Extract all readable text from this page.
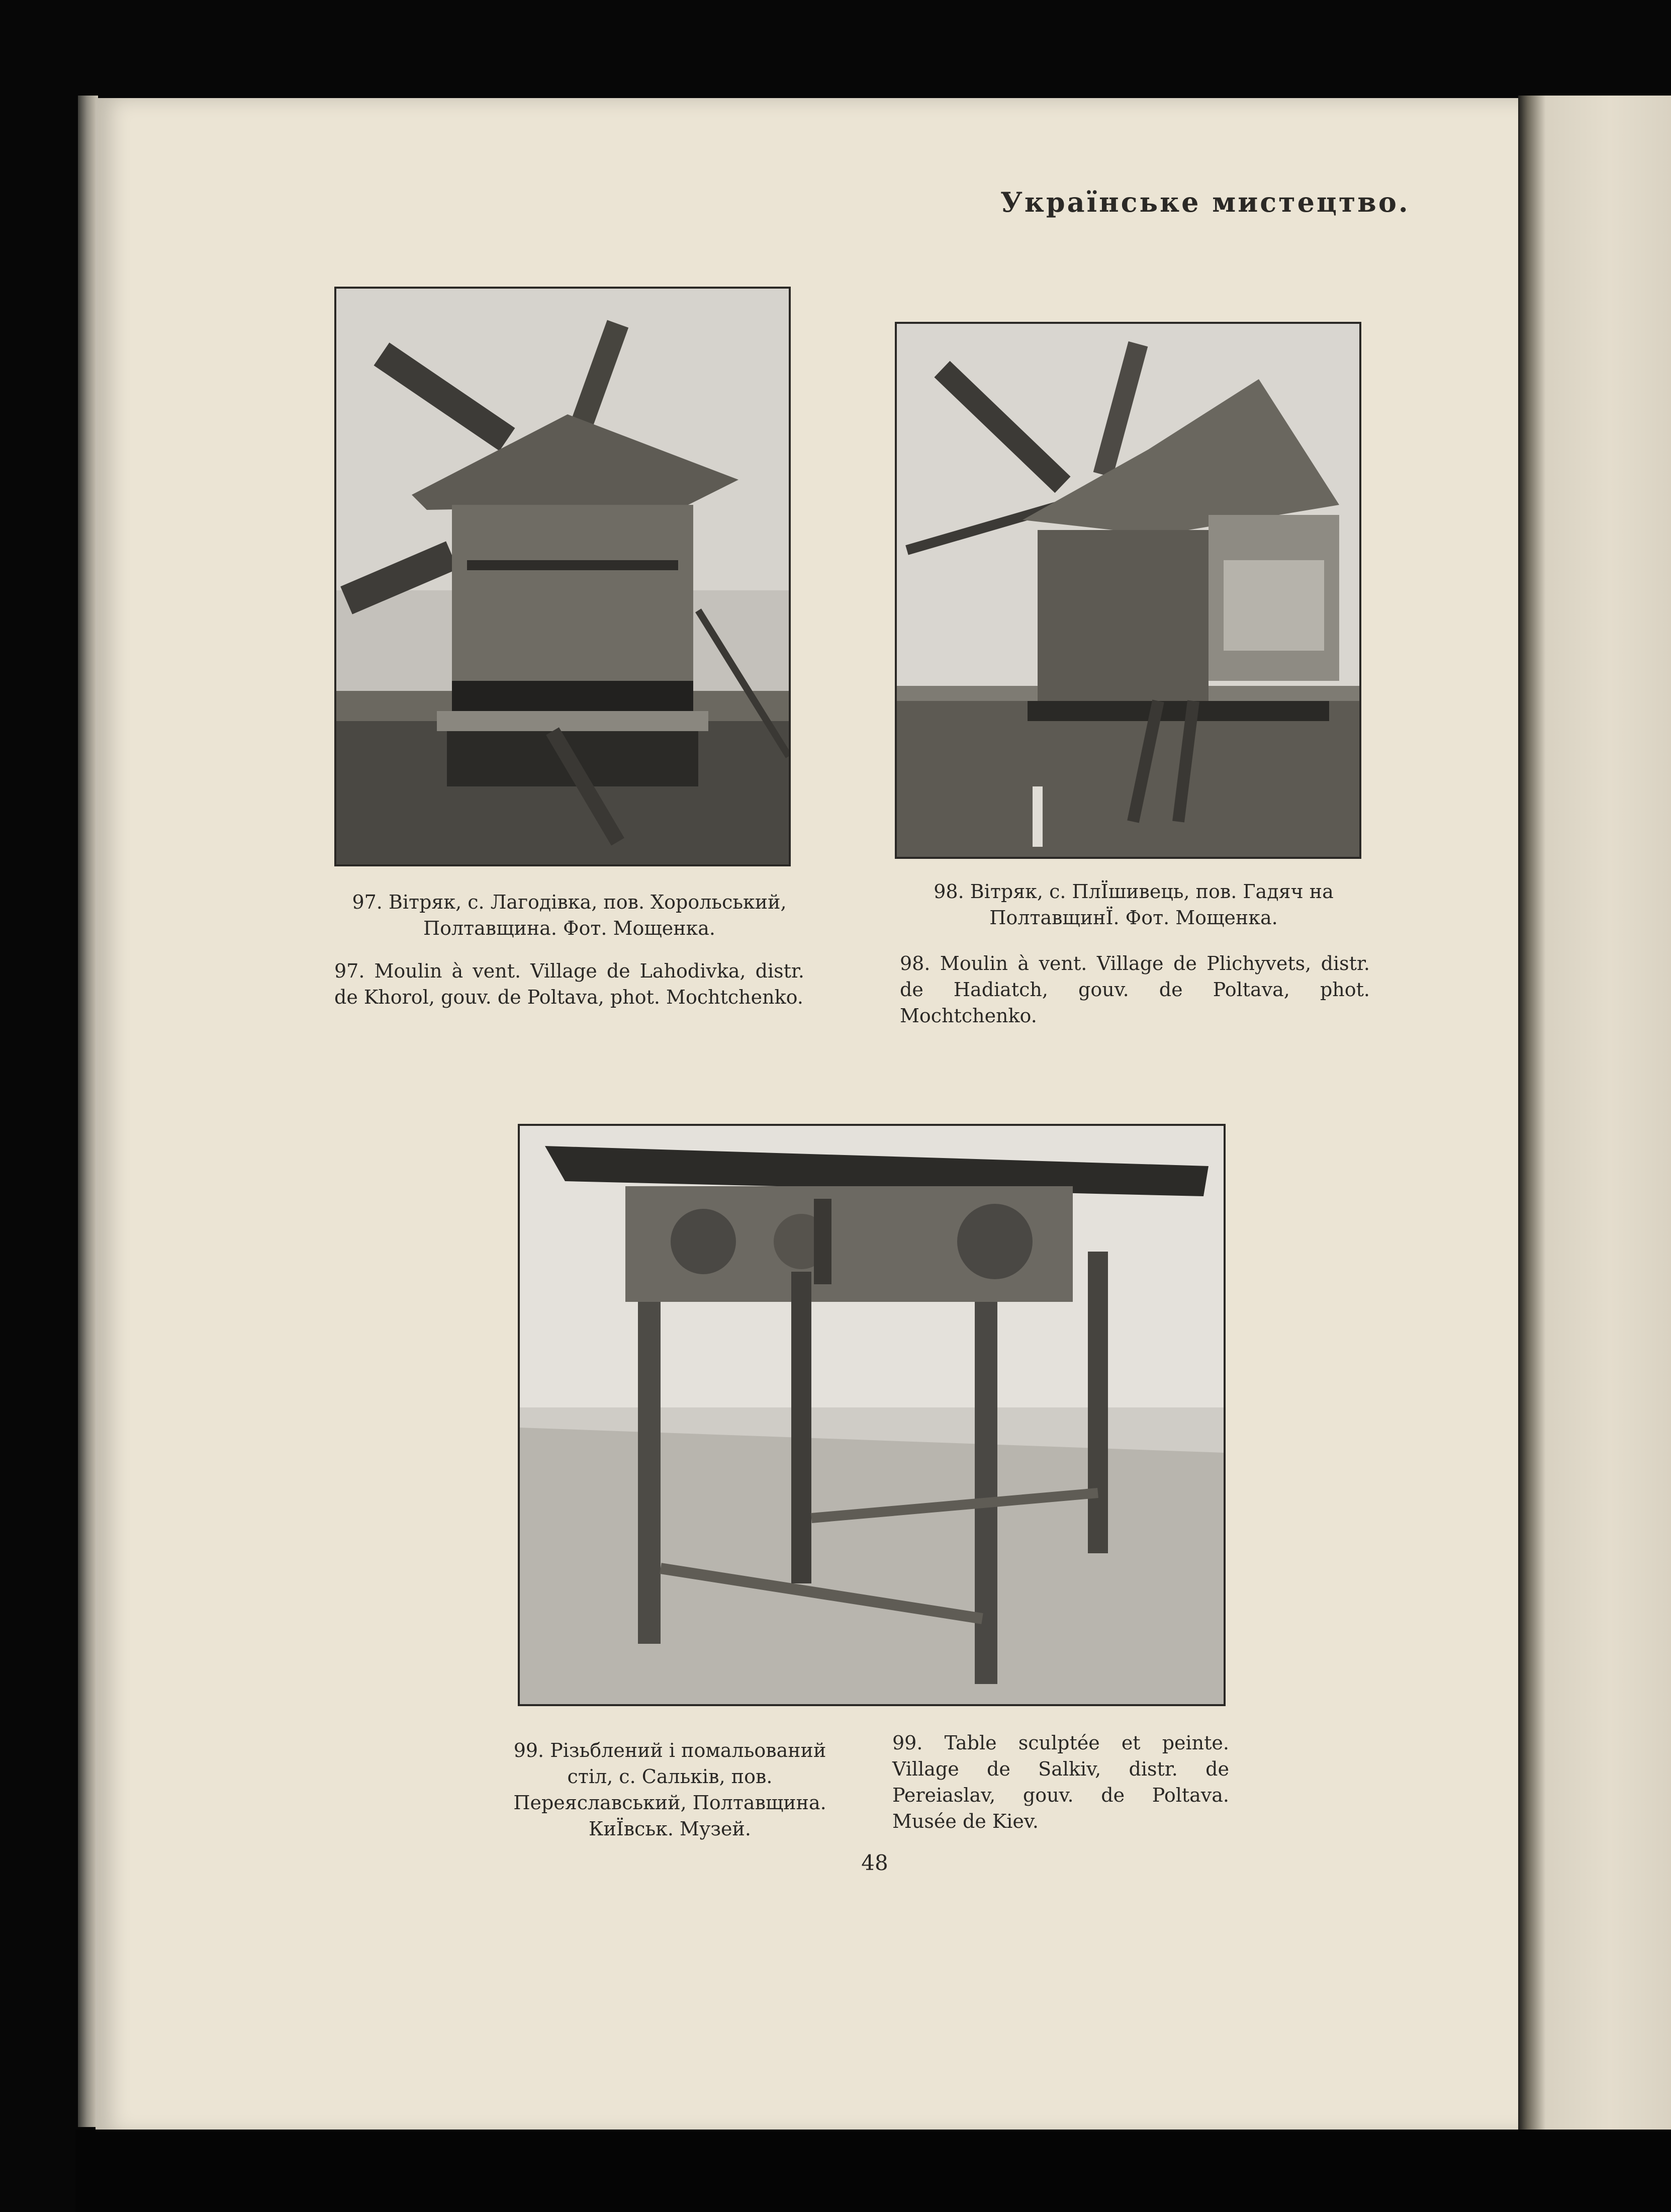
Українське мистецтво.

97. Вітряк, с. Лагодівка, пов. Хорольський, Полтавщина. Фот. Мощенка.

97. Moulin à vent. Village de Lahodivka, distr. de Khorol, gouv. de Poltava, phot. Mochtchenko.

98. Вітряк, с. ПлЇшивець, пов. Гадяч на ПолтавщинЇ. Фот. Мощенка.

98. Moulin à vent. Village de Plichyvets, distr. de Hadiatch, gouv. de Poltava, phot. Mochtchenko.

99. Різьблений і помальований стіл, с. Сальків, пов. Переяславський, Полтавщина. КиЇвськ. Музей.

99. Table sculptée et peinte. Village de Salkiv, distr. de Pereiaslav, gouv. de Poltava. Musée de Kiev.

48
